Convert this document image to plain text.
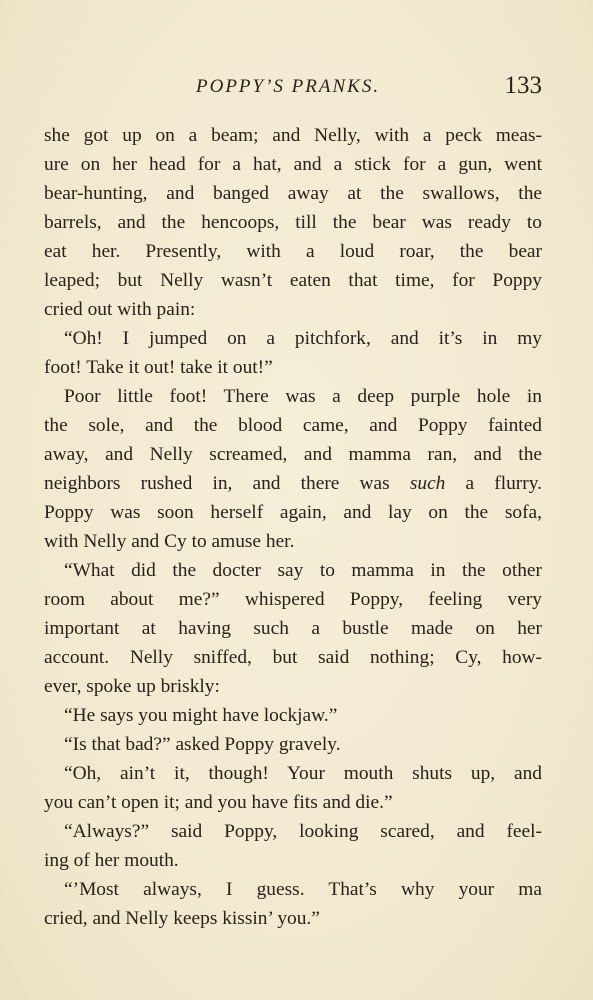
POPPY’S PRANKS.	133
she got up on a beam; and Nelly, with a peck meas-
ure on her head for a hat, and a stick for a gun, went
bear-hunting, and banged away at the swallows, the
barrels, and the hencoops, till the bear was ready to
eat her. Presently, with a loud roar, the bear
leaped; but Nelly wasn’t eaten that time, for Poppy
cried out with pain:
“Oh! I jumped on a pitchfork, and it’s in my
foot! Take it out! take it out!”
Poor little foot! There was a deep purple hole in
the sole, and the blood came, and Poppy fainted
away, and Nelly screamed, and mamma ran, and the
neighbors rushed in, and there was such a flurry.
Poppy was soon herself again, and lay on the sofa,
with Nelly and Cy to amuse her.
“What did the docter say to mamma in the other
room about me?” whispered Poppy, feeling very
important at having such a bustle made on her
account. Nelly sniffed, but said nothing; Cy, how-
ever, spoke up briskly:
“He says you might have lockjaw.”
“Is that bad?” asked Poppy gravely.
“Oh, ain’t it, though! Your mouth shuts up, and
you can’t open it; and you have fits and die.”
“Always?” said Poppy, looking scared, and feel-
ing of her mouth.
“’Most always, I guess. That’s why your ma
cried, and Nelly keeps kissin’ you.”
